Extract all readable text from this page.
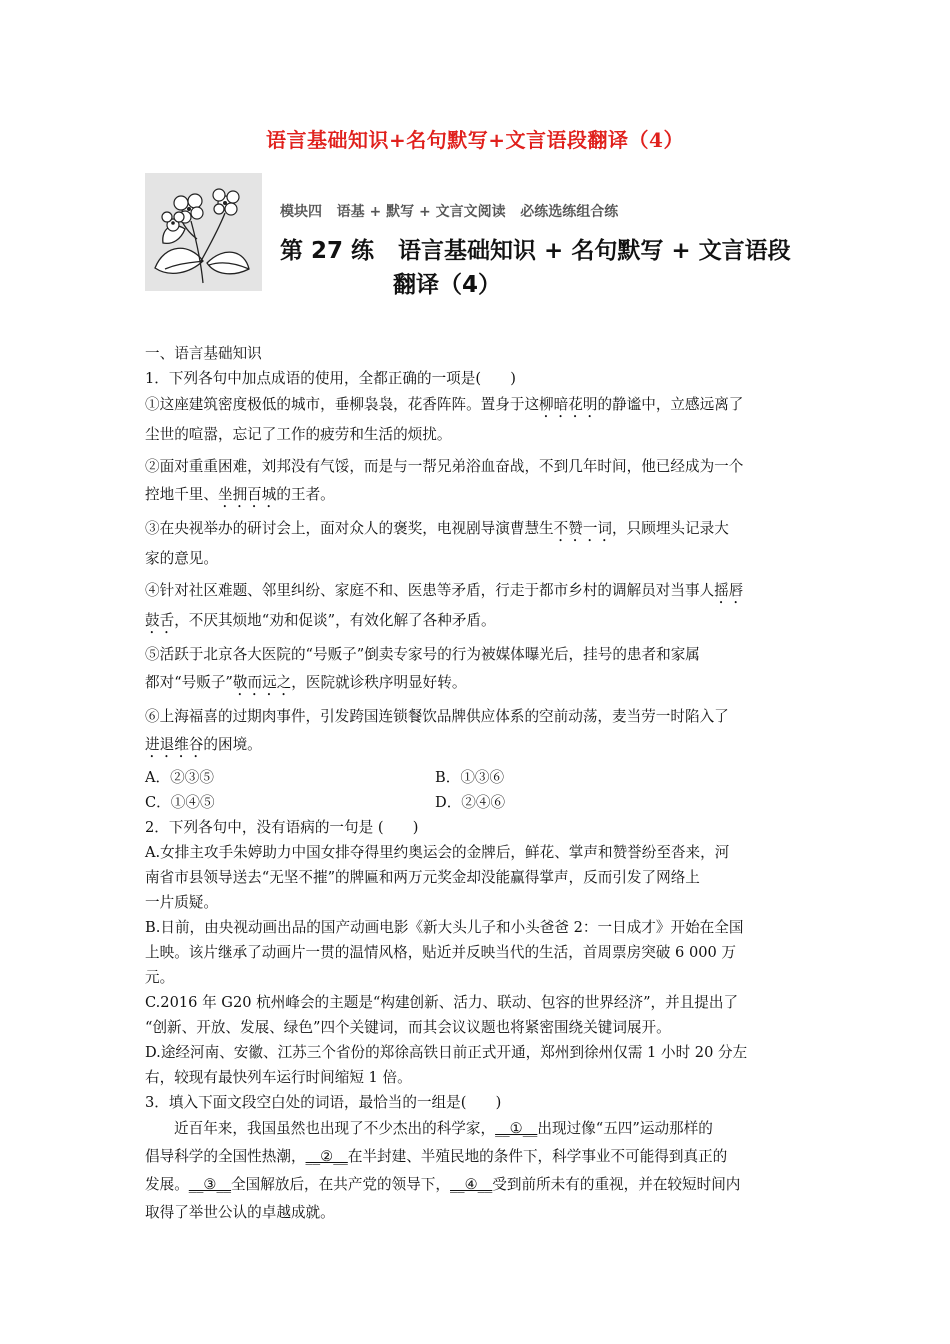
语言基础知识+名句默写+文言语段翻译（4）
模块四   语基 + 默写 + 文言文阅读   必练选练组合练
第 27 练   语言基础知识 + 名句默写 + 文言语段
翻译（4）
一、语言基础知识
1．下列各句中加点成语的使用，全都正确的一项是(　　)
①这座建筑密度极低的城市，垂柳袅袅，花香阵阵。置身于这柳暗花明的静谧中，立感远离了
尘世的喧嚣，忘记了工作的疲劳和生活的烦扰。
②面对重重困难，刘邦没有气馁，而是与一帮兄弟浴血奋战，不到几年时间，他已经成为一个
控地千里、坐拥百城的王者。
③在央视举办的研讨会上，面对众人的褒奖，电视剧导演曹慧生不赞一词，只顾埋头记录大
家的意见。
④针对社区难题、邻里纠纷、家庭不和、医患等矛盾，行走于都市乡村的调解员对当事人摇唇
鼓舌，不厌其烦地“劝和促谈”，有效化解了各种矛盾。
⑤活跃于北京各大医院的“号贩子”倒卖专家号的行为被媒体曝光后，挂号的患者和家属
都对“号贩子”敬而远之，医院就诊秩序明显好转。
⑥上海福喜的过期肉事件，引发跨国连锁餐饮品牌供应体系的空前动荡，麦当劳一时陷入了
进退维谷的困境。
A．②③⑤	B．①③⑥
C．①④⑤	D．②④⑥
2．下列各句中，没有语病的一句是 (　　)
A.女排主攻手朱婷助力中国女排夺得里约奥运会的金牌后，鲜花、掌声和赞誉纷至沓来，河
南省市县领导送去“无坚不摧”的牌匾和两万元奖金却没能赢得掌声，反而引发了网络上
一片质疑。
B.日前，由央视动画出品的国产动画电影《新大头儿子和小头爸爸 2：一日成才》开始在全国
上映。该片继承了动画片一贯的温情风格，贴近并反映当代的生活，首周票房突破 6 000 万
元。
C.2016 年 G20 杭州峰会的主题是“构建创新、活力、联动、包容的世界经济”，并且提出了
“创新、开放、发展、绿色”四个关键词，而其会议议题也将紧密围绕关键词展开。
D.途经河南、安徽、江苏三个省份的郑徐高铁日前正式开通，郑州到徐州仅需 1 小时 20 分左
右，较现有最快列车运行时间缩短 1 倍。
3．填入下面文段空白处的词语，最恰当的一组是(　　)
近百年来，我国虽然也出现了不少杰出的科学家，__①__出现过像“五四”运动那样的
倡导科学的全国性热潮，__②__在半封建、半殖民地的条件下，科学事业不可能得到真正的
发展。__③__全国解放后，在共产党的领导下，__④__受到前所未有的重视，并在较短时间内
取得了举世公认的卓越成就。
